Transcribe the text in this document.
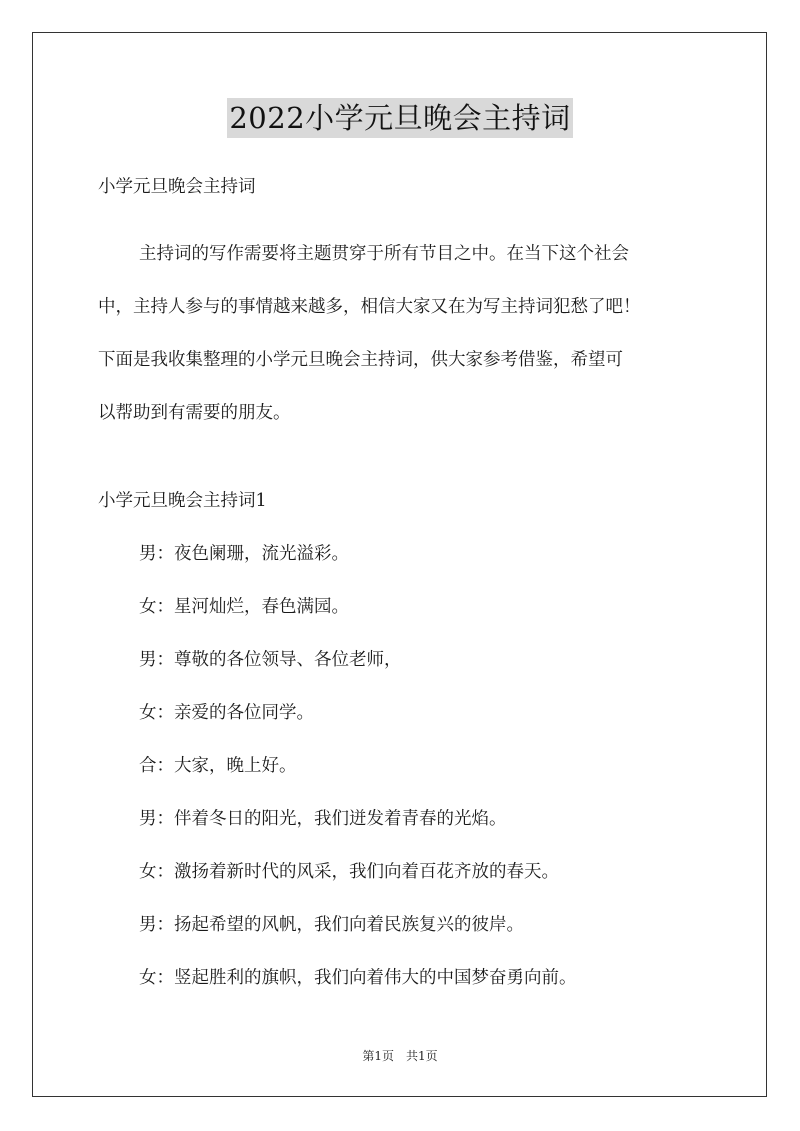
2022小学元旦晚会主持词
小学元旦晚会主持词
主持词的写作需要将主题贯穿于所有节目之中。在当下这个社会
中，主持人参与的事情越来越多，相信大家又在为写主持词犯愁了吧！
下面是我收集整理的小学元旦晚会主持词，供大家参考借鉴，希望可
以帮助到有需要的朋友。
小学元旦晚会主持词1
男：夜色阑珊，流光溢彩。
女：星河灿烂，春色满园。
男：尊敬的各位领导、各位老师，
女：亲爱的各位同学。
合：大家，晚上好。
男：伴着冬日的阳光，我们迸发着青春的光焰。
女：激扬着新时代的风采，我们向着百花齐放的春天。
男：扬起希望的风帆，我们向着民族复兴的彼岸。
女：竖起胜利的旗帜，我们向着伟大的中国梦奋勇向前。
第1页　共1页
